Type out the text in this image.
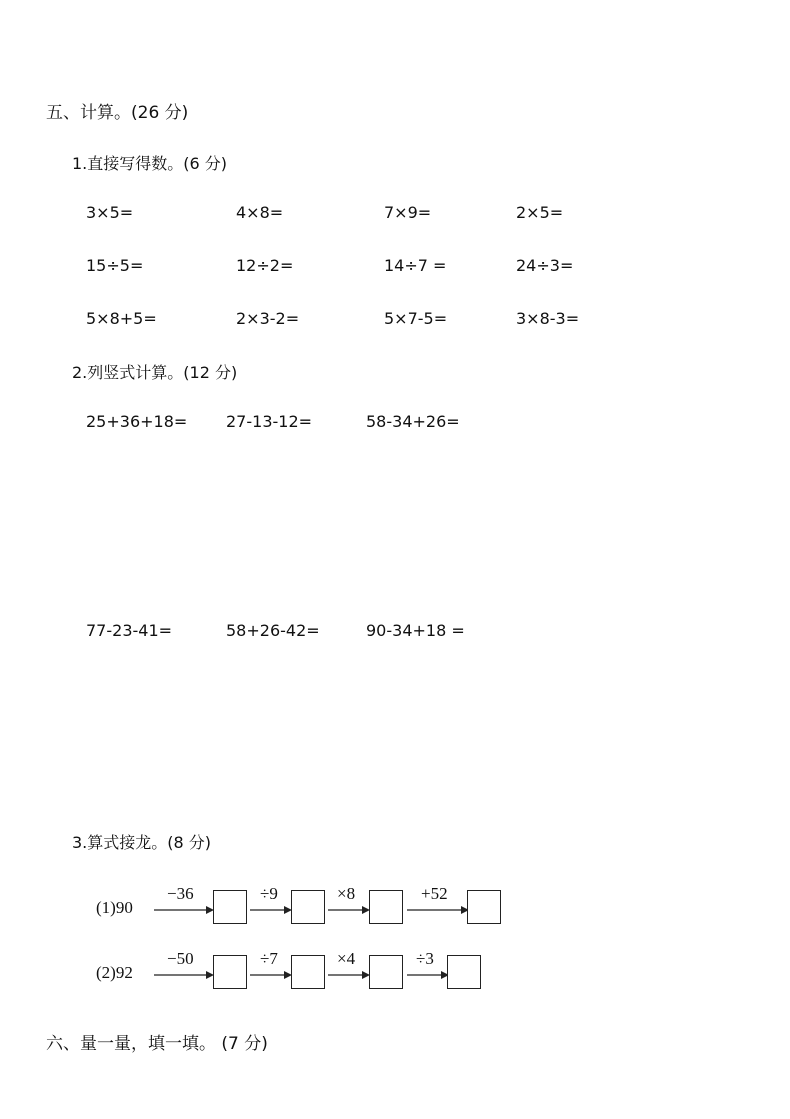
五、计算。(26 分)
1.直接写得数。(6 分)
3×5=	4×8=	7×9=	2×5=
15÷5=	12÷2=	14÷7 =	24÷3=
5×8+5=	2×3-2=	5×7-5=	3×8-3=
2.列竖式计算。(12 分)
25+36+18= 27-13-12=	58-34+26=
77-23-41=	58+26-42=	90-34+18 =
3.算式接龙。(8 分)
(1)90
−36	÷9	×8	+52
(2)92
−50	÷7	×4	÷3
六、量一量，填一填。 (7 分)
